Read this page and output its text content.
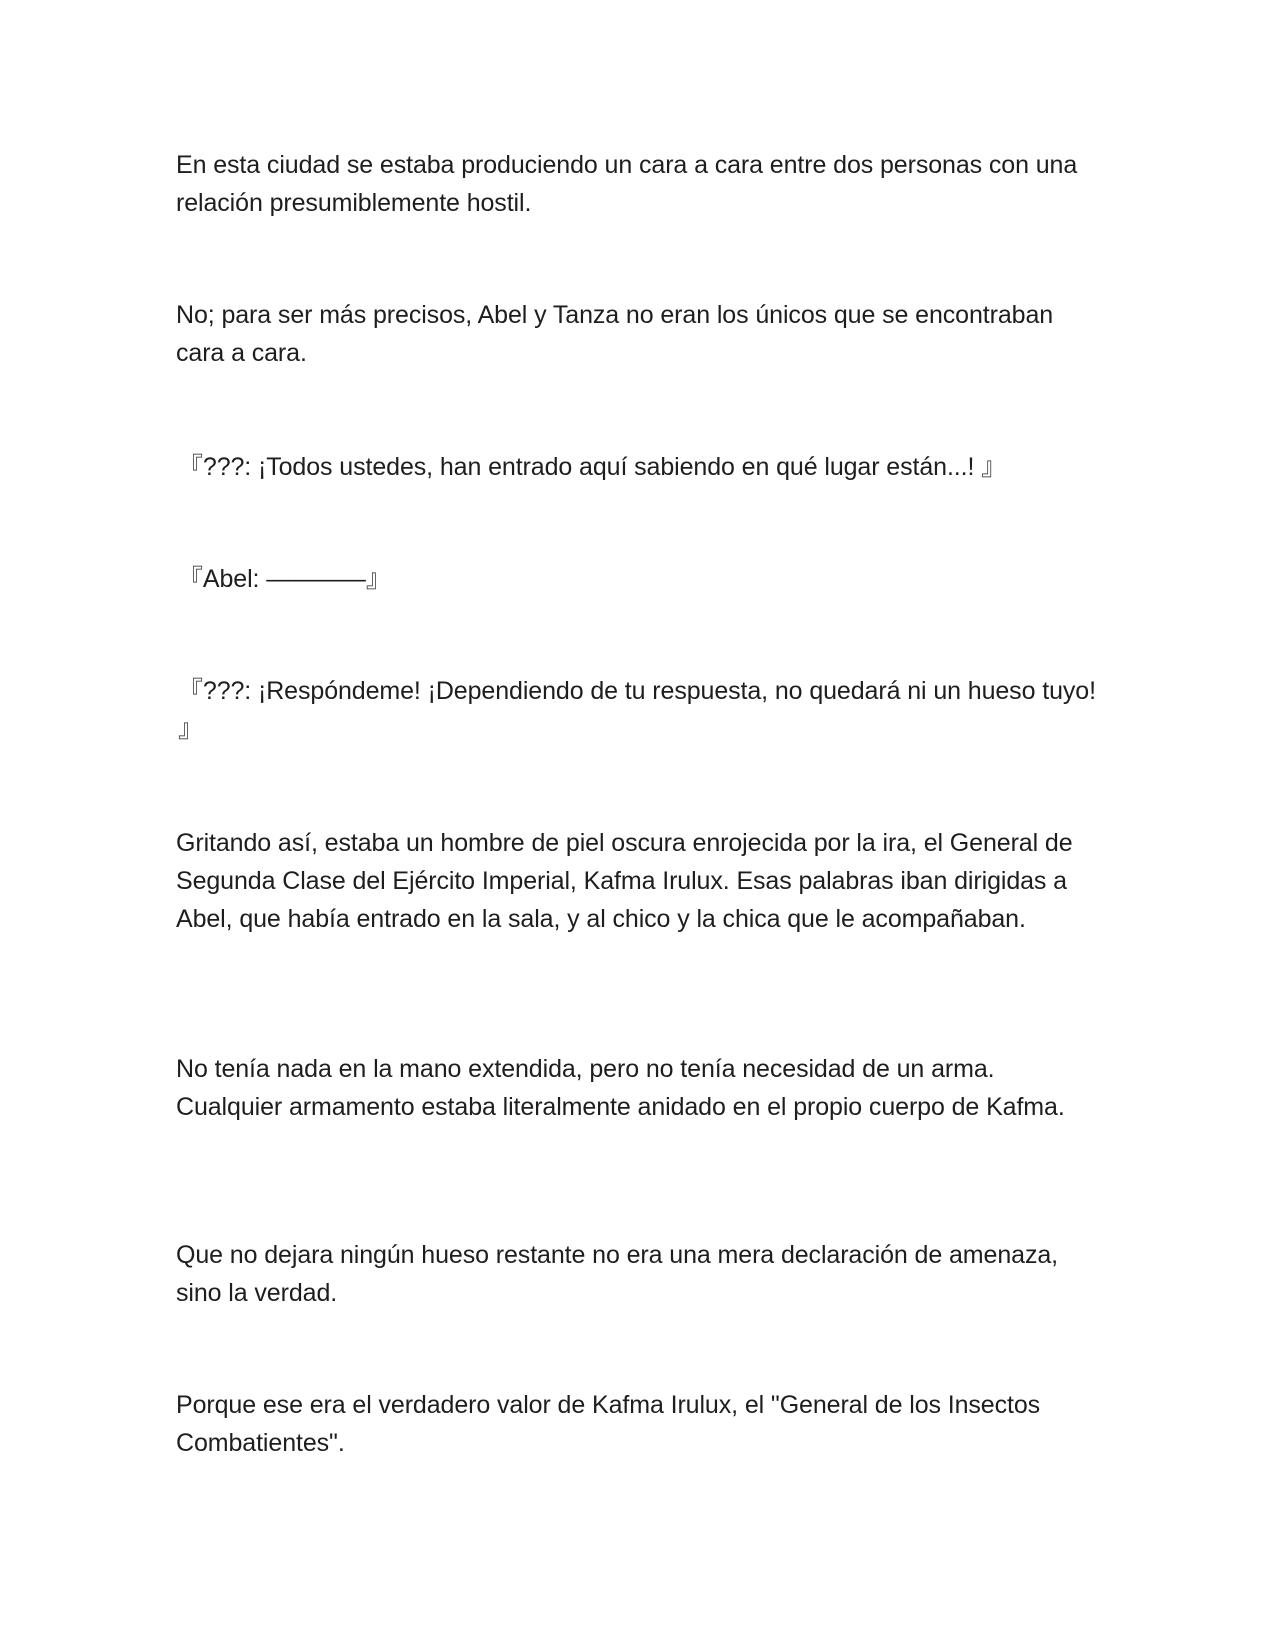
En esta ciudad se estaba produciendo un cara a cara entre dos personas con una relación presumiblemente hostil.

No; para ser más precisos, Abel y Tanza no eran los únicos que se encontraban cara a cara.

『???: ¡Todos ustedes, han entrado aquí sabiendo en qué lugar están...! 』

『Abel: ————』

『???: ¡Respóndeme! ¡Dependiendo de tu respuesta, no quedará ni un hueso tuyo! 』

Gritando así, estaba un hombre de piel oscura enrojecida por la ira, el General de Segunda Clase del Ejército Imperial, Kafma Irulux. Esas palabras iban dirigidas a Abel, que había entrado en la sala, y al chico y la chica que le acompañaban.

No tenía nada en la mano extendida, pero no tenía necesidad de un arma. Cualquier armamento estaba literalmente anidado en el propio cuerpo de Kafma.

Que no dejara ningún hueso restante no era una mera declaración de amenaza, sino la verdad.

Porque ese era el verdadero valor de Kafma Irulux, el "General de los Insectos Combatientes".
